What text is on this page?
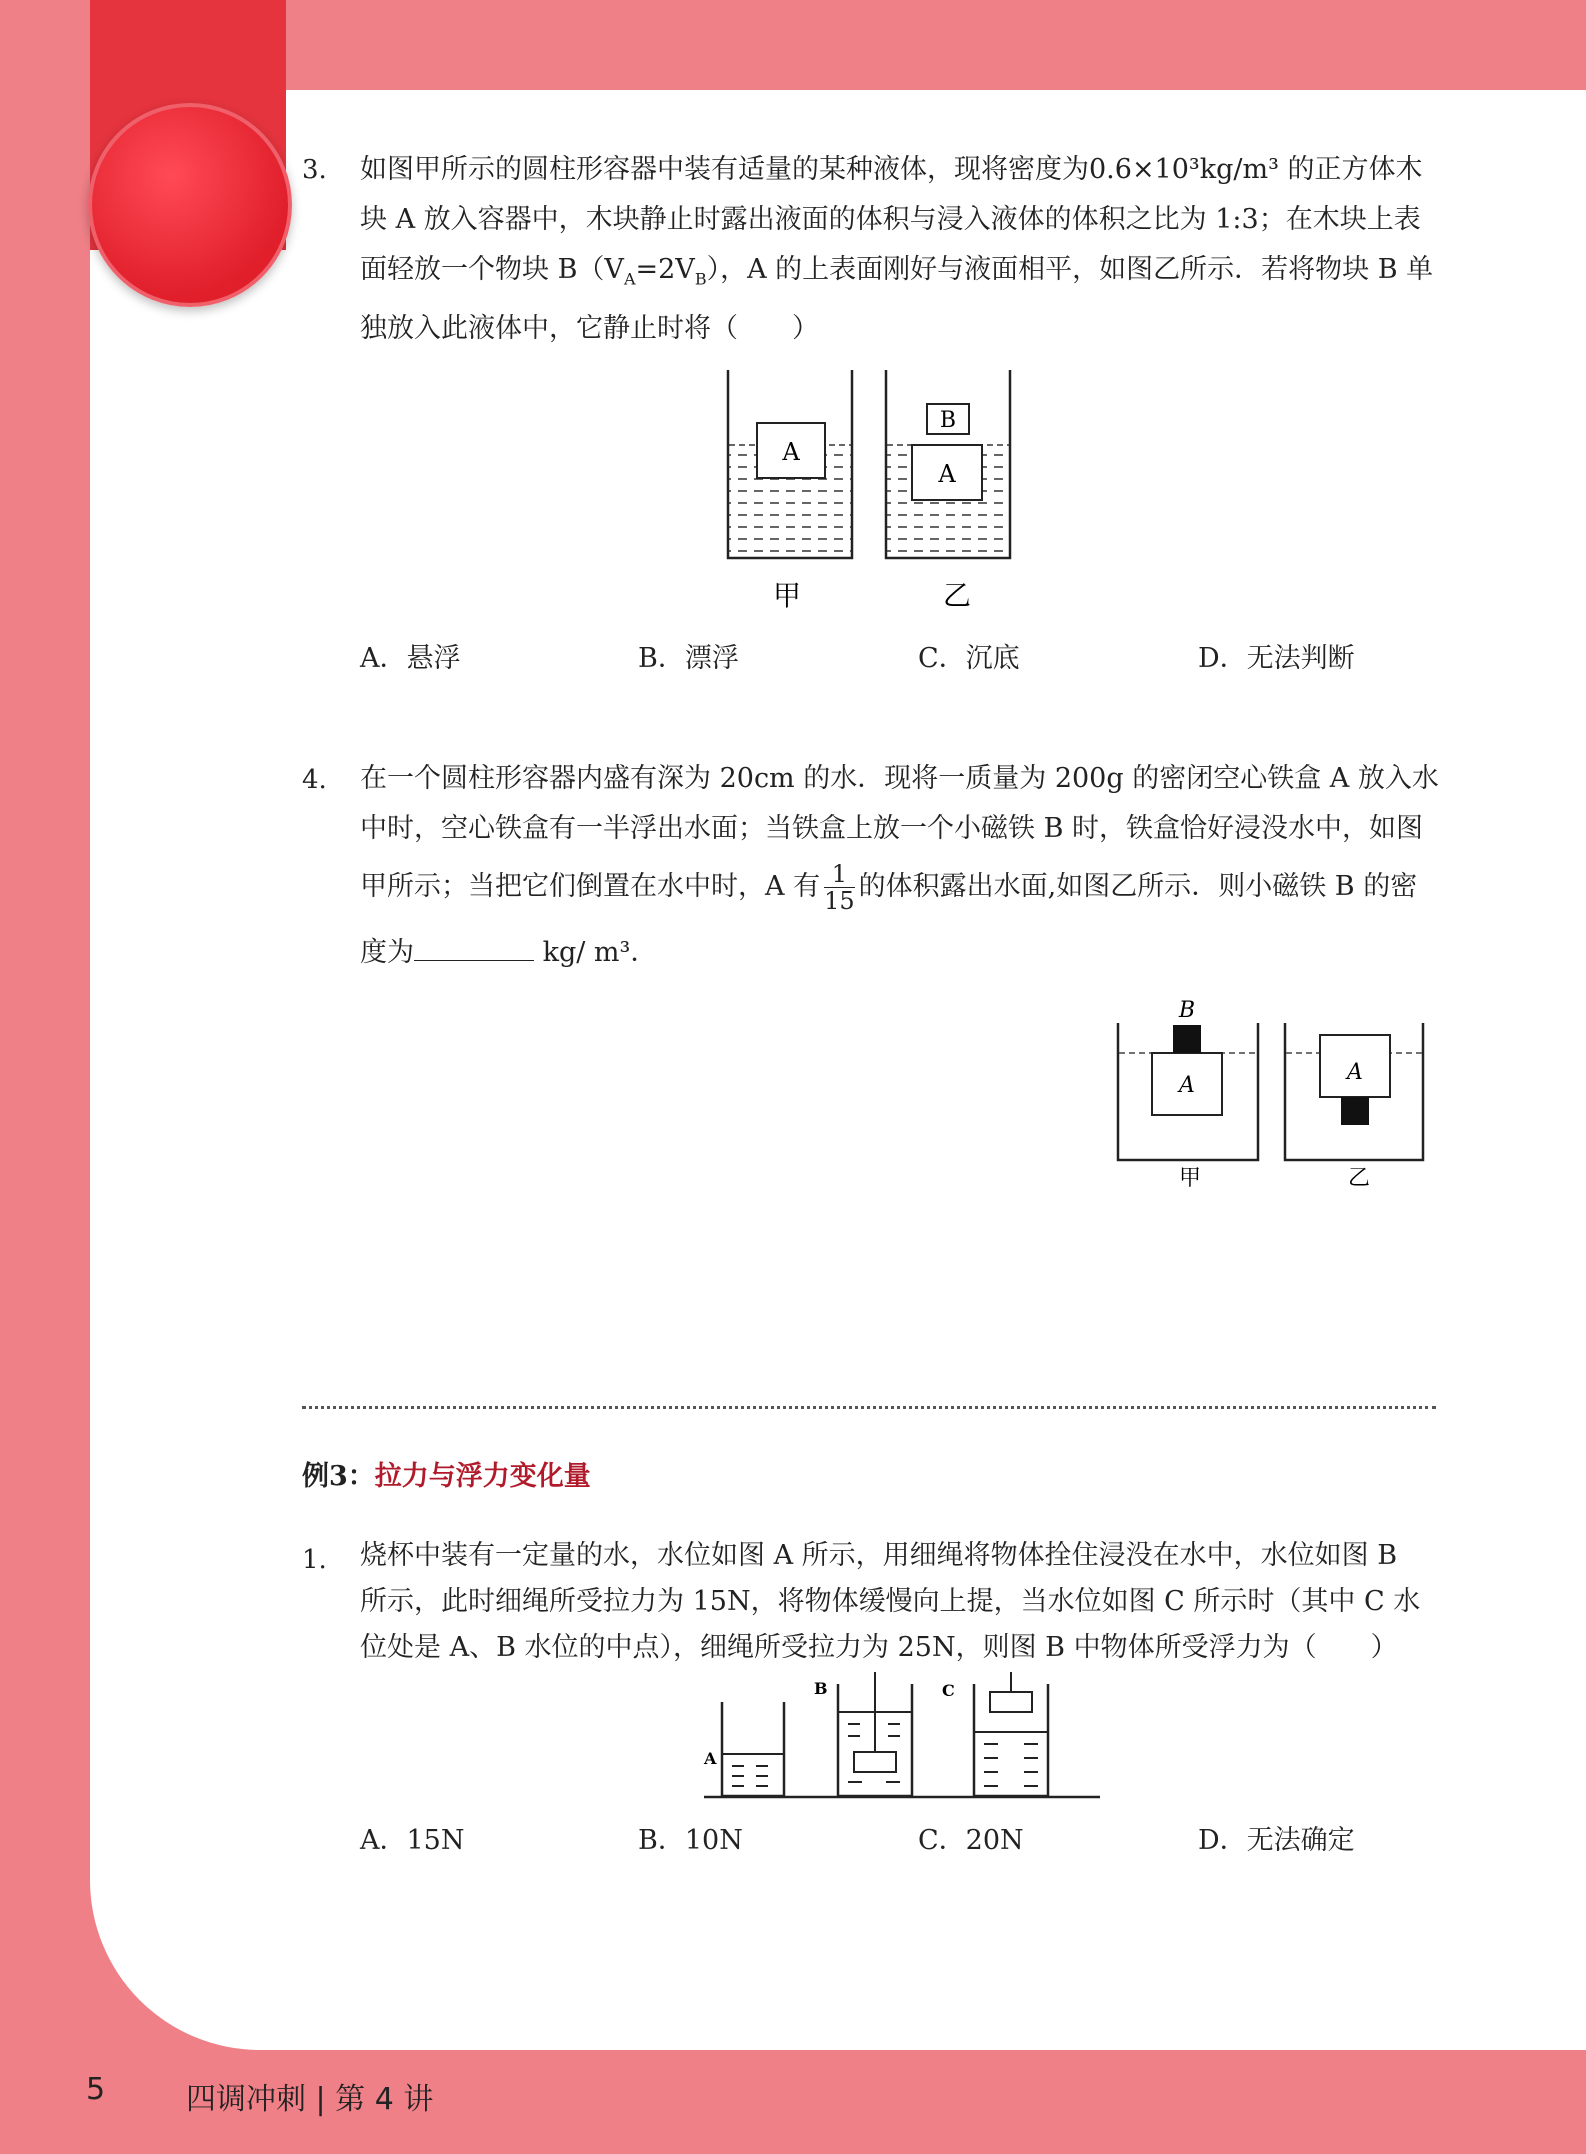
3. 如图甲所示的圆柱形容器中装有适量的某种液体，现将密度为0.6×10³kg/m³ 的正方体木
块 A 放入容器中，木块静止时露出液面的体积与浸入液体的体积之比为 1:3；在木块上表
面轻放一个物块 $B(V_A=2V_B)$，A 的上表面刚好与液面相平，如图乙所示．若将物块 B 单
独放入此液体中，它静止时将（　　）
A
A
B
甲	乙
A．悬浮	B．漂浮	C．沉底	D．无法判断
4. 在一个圆柱形容器内盛有深为 20cm 的水．现将一质量为 200g 的密闭空心铁盒 A 放入水
中时，空心铁盒有一半浮出水面；当铁盒上放一个小磁铁 B 时，铁盒恰好浸没水中，如图
甲所示；当把它们倒置在水中时，A 有 $\frac{1}{15}$ 的体积露出水面,如图乙所示．则小磁铁 B 的密
度为	kg/ m³．
A
B
A
甲	乙
例3：拉力与浮力变化量
1. 烧杯中装有一定量的水，水位如图 A 所示，用细绳将物体拴住浸没在水中，水位如图 B
所示，此时细绳所受拉力为 15N，将物体缓慢向上提，当水位如图 C 所示时（其中 C 水
位处是 A、B 水位的中点），细绳所受拉力为 25N，则图 B 中物体所受浮力为（　　）
A
B	C
A．15N	B．10N	C．20N	D．无法确定
5	四调冲刺 | 第 4 讲
